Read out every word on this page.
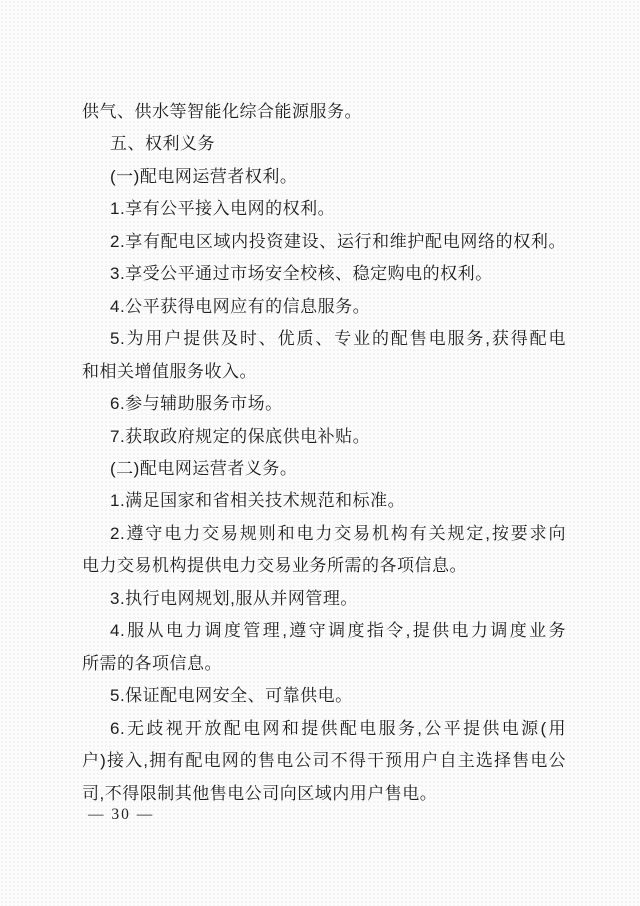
供气、供水等智能化综合能源服务。
五、权利义务
(一)配电网运营者权利。
1.享有公平接入电网的权利。
2.享有配电区域内投资建设、运行和维护配电网络的权利。
3.享受公平通过市场安全校核、稳定购电的权利。
4.公平获得电网应有的信息服务。
5.为用户提供及时、优质、专业的配售电服务,获得配电
和相关增值服务收入。
6.参与辅助服务市场。
7.获取政府规定的保底供电补贴。
(二)配电网运营者义务。
1.满足国家和省相关技术规范和标准。
2.遵守电力交易规则和电力交易机构有关规定,按要求向
电力交易机构提供电力交易业务所需的各项信息。
3.执行电网规划,服从并网管理。
4.服从电力调度管理,遵守调度指令,提供电力调度业务
所需的各项信息。
5.保证配电网安全、可靠供电。
6.无歧视开放配电网和提供配电服务,公平提供电源(用
户)接入,拥有配电网的售电公司不得干预用户自主选择售电公
司,不得限制其他售电公司向区域内用户售电。
— 30 —
